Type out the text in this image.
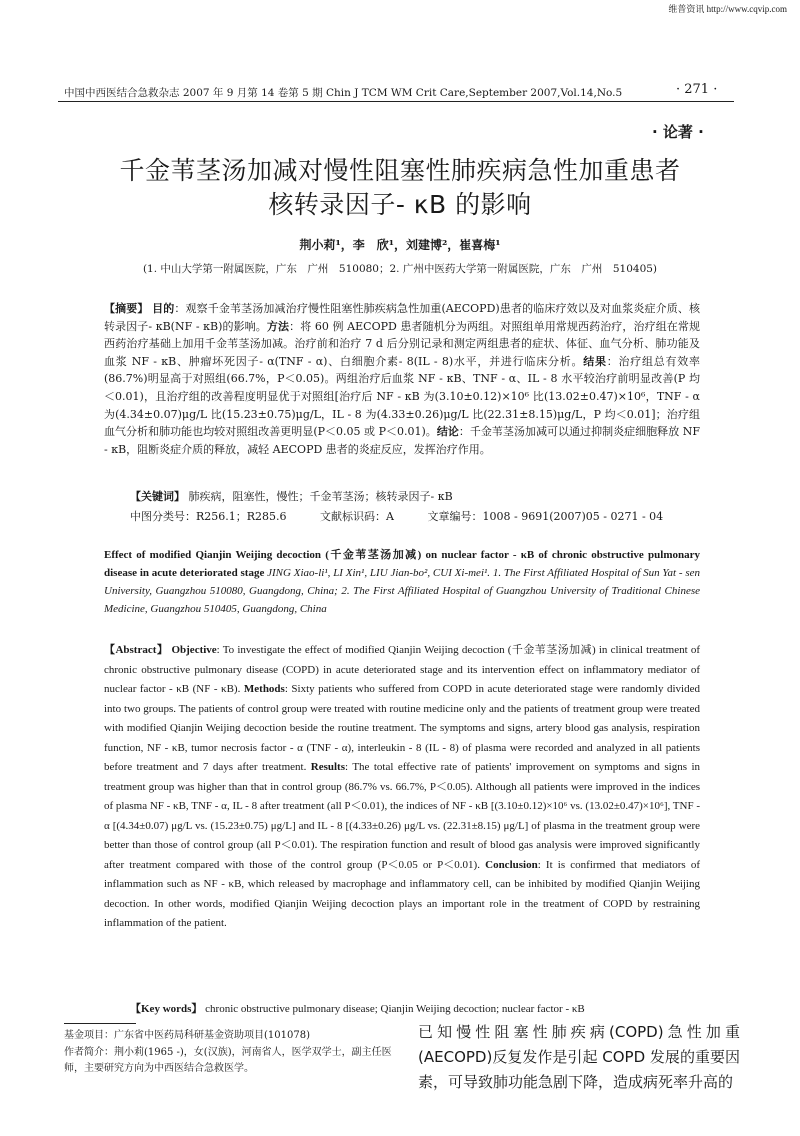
维普资讯 http://www.cqvip.com
中国中西医结合急救杂志 2007 年 9 月第 14 卷第 5 期 Chin J TCM WM Crit Care,September 2007,Vol.14,No.5	· 271 ·
· 论著 ·
千金苇茎汤加减对慢性阻塞性肺疾病急性加重患者
核转录因子- κB 的影响
荆小莉¹，李　欣¹，刘建博²，崔喜梅¹
(1. 中山大学第一附属医院，广东　广州　510080；2. 广州中医药大学第一附属医院，广东　广州　510405)

【摘要】 目的：观察千金苇茎汤加减治疗慢性阻塞性肺疾病急性加重(AECOPD)患者的临床疗效以及对血浆炎症介质、核转录因子- κB(NF - κB)的影响。方法：将 60 例 AECOPD 患者随机分为两组。对照组单用常规西药治疗，治疗组在常规西药治疗基础上加用千金苇茎汤加减。治疗前和治疗 7 d 后分别记录和测定两组患者的症状、体征、血气分析、肺功能及血浆 NF - κB、肿瘤坏死因子- α(TNF - α)、白细胞介素- 8(IL - 8)水平，并进行临床分析。结果：治疗组总有效率(86.7%)明显高于对照组(66.7%，P＜0.05)。两组治疗后血浆 NF - κB、TNF - α、IL - 8 水平较治疗前明显改善(P 均＜0.01)，且治疗组的改善程度明显优于对照组[治疗后 NF - κB 为(3.10±0.12)×10⁶ 比(13.02±0.47)×10⁶，TNF - α 为(4.34±0.07)μg/L 比(15.23±0.75)μg/L，IL - 8 为(4.33±0.26)μg/L 比(22.31±8.15)μg/L，P 均＜0.01]；治疗组血气分析和肺功能也均较对照组改善更明显(P＜0.05 或 P＜0.01)。结论：千金苇茎汤加减可以通过抑制炎症细胞释放 NF - κB，阻断炎症介质的释放，减轻 AECOPD 患者的炎症反应，发挥治疗作用。

【关键词】 肺疾病，阻塞性，慢性；千金苇茎汤；核转录因子- κB
中图分类号：R256.1；R285.6	文献标识码：A	文章编号：1008 - 9691(2007)05 - 0271 - 04
Effect of modified Qianjin Weijing decoction (千金苇茎汤加减) on nuclear factor - κB of chronic obstructive pulmonary disease in acute deteriorated stage JING Xiao-li¹, LI Xin¹, LIU Jian-bo², CUI Xi-mei¹. 1. The First Affiliated Hospital of Sun Yat - sen University, Guangzhou 510080, Guangdong, China; 2. The First Affiliated Hospital of Guangzhou University of Traditional Chinese Medicine, Guangzhou 510405, Guangdong, China
【Abstract】 Objective: To investigate the effect of modified Qianjin Weijing decoction (千金苇茎汤加减) in clinical treatment of chronic obstructive pulmonary disease (COPD) in acute deteriorated stage and its intervention effect on inflammatory mediator of nuclear factor - κB (NF - κB). Methods: Sixty patients who suffered from COPD in acute deteriorated stage were randomly divided into two groups. The patients of control group were treated with routine medicine only and the patients of treatment group were treated with modified Qianjin Weijing decoction beside the routine treatment. The symptoms and signs, artery blood gas analysis, respiration function, NF - κB, tumor necrosis factor - α (TNF - α), interleukin - 8 (IL - 8) of plasma were recorded and analyzed in all patients before treatment and 7 days after treatment. Results: The total effective rate of patients' improvement on symptoms and signs in treatment group was higher than that in control group (86.7% vs. 66.7%, P＜0.05). Although all patients were improved in the indices of plasma NF - κB, TNF - α, IL - 8 after treatment (all P＜0.01), the indices of NF - κB [(3.10±0.12)×10⁶ vs. (13.02±0.47)×10⁶], TNF - α [(4.34±0.07) μg/L vs. (15.23±0.75) μg/L] and IL - 8 [(4.33±0.26) μg/L vs. (22.31±8.15) μg/L] of plasma in the treatment group were better than those of control group (all P＜0.01). The respiration function and result of blood gas analysis were improved significantly after treatment compared with those of the control group (P＜0.05 or P＜0.01). Conclusion: It is confirmed that mediators of inflammation such as NF - κB, which released by macrophage and inflammatory cell, can be inhibited by modified Qianjin Weijing decoction. In other words, modified Qianjin Weijing decoction plays an important role in the treatment of COPD by restraining inflammation of the patient.
【Key words】 chronic obstructive pulmonary disease; Qianjin Weijing decoction; nuclear factor - κB
基金项目：广东省中医药局科研基金资助项目(101078)
作者简介：荆小莉(1965 -)，女(汉族)，河南省人，医学双学士，副主任医师，主要研究方向为中西医结合急救医学。
已知慢性阻塞性肺疾病(COPD)急性加重(AECOPD)反复发作是引起 COPD 发展的重要因素，可导致肺功能急剧下降，造成病死率升高的
